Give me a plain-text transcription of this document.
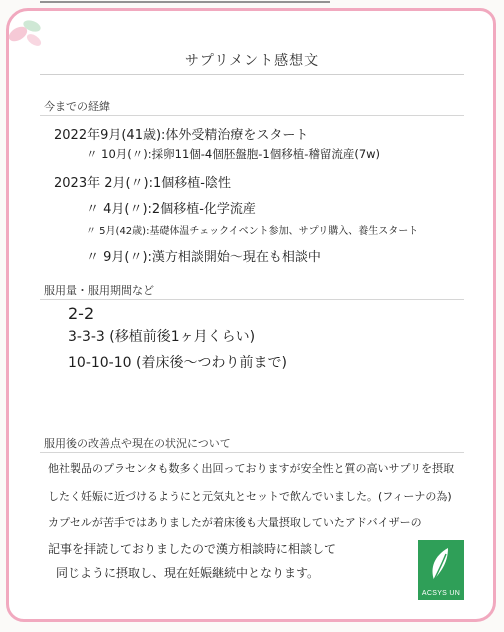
サプリメント感想文
今までの経緯
2022年9月(41歳):体外受精治療をスタート
〃 10月(〃):採卵11個-4個胚盤胞-1個移植-稽留流産(7w)
2023年 2月(〃):1個移植-陰性
〃 4月(〃):2個移植-化学流産
〃 5月(42歳):基礎体温チェックイベント参加、サプリ購入、養生スタート
〃 9月(〃):漢方相談開始〜現在も相談中
服用量・服用期間など
2-2
3-3-3 (移植前後1ヶ月くらい)
10-10-10 (着床後〜つわり前まで)
服用後の改善点や現在の状況について
他社製品のプラセンタも数多く出回っておりますが安全性と質の高いサプリを摂取
したく妊娠に近づけるようにと元気丸とセットで飲んでいました。(フィーナの為)
カプセルが苦手ではありましたが着床後も大量摂取していたアドバイザーの
記事を拝読しておりましたので漢方相談時に相談して
同じように摂取し、現在妊娠継続中となります。
ACSYS UN
